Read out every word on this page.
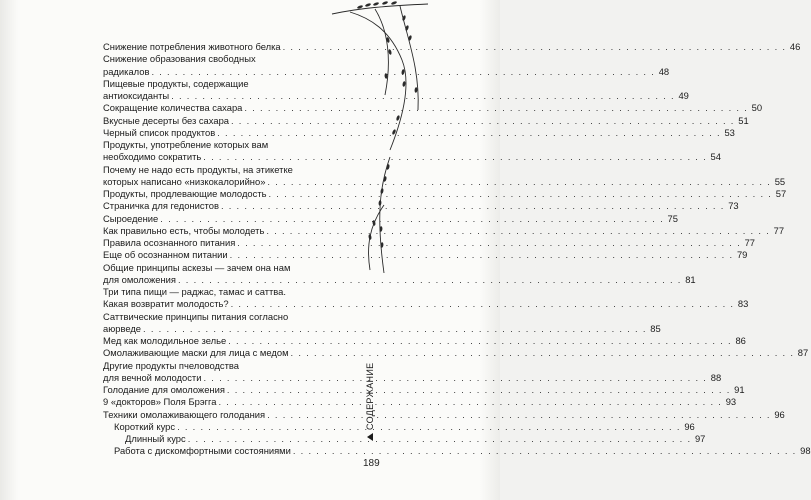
Снижение потребления животного белка . . .	46
Снижение образования свободных
радикалов . . .	48
Пищевые продукты, содержащие
антиоксиданты . . .	49
Сокращение количества сахара . . .	50
Вкусные десерты без сахара . . .	51
Черный список продуктов . . .	53
Продукты, употребление которых вам
необходимо сократить . . .	54
Почему не надо есть продукты, на этикетке
которых написано «низкокалорийно» . . .	55
Продукты, продлевающие молодость . . .	57
Страничка для гедонистов . . .	73
Сыроедение . . .	75
Как правильно есть, чтобы молодеть . . .	77
Правила осознанного питания . . .	77
Еще об осознанном питании . . .	79
Общие принципы аскезы — зачем она нам
для омоложения . . .	81
Три типа пищи — раджас, тамас и саттва.
Какая возвратит молодость? . . .	83
Саттвические принципы питания согласно
аюрведе . . .	85
Мед как молодильное зелье . . .	86
Омолаживающие маски для лица с медом . . .	87
Другие продукты пчеловодства
для вечной молодости . . .	88
Голодание для омоложения . . .	91
9 «докторов» Поля Брэгга . . .	93
Техники омолаживающего голодания . . .	96
Короткий курс . . .	96
Длинный курс . . .	97
Работа с дискомфортными состояниями . . .	98
СОДЕРЖАНИЕ
189
